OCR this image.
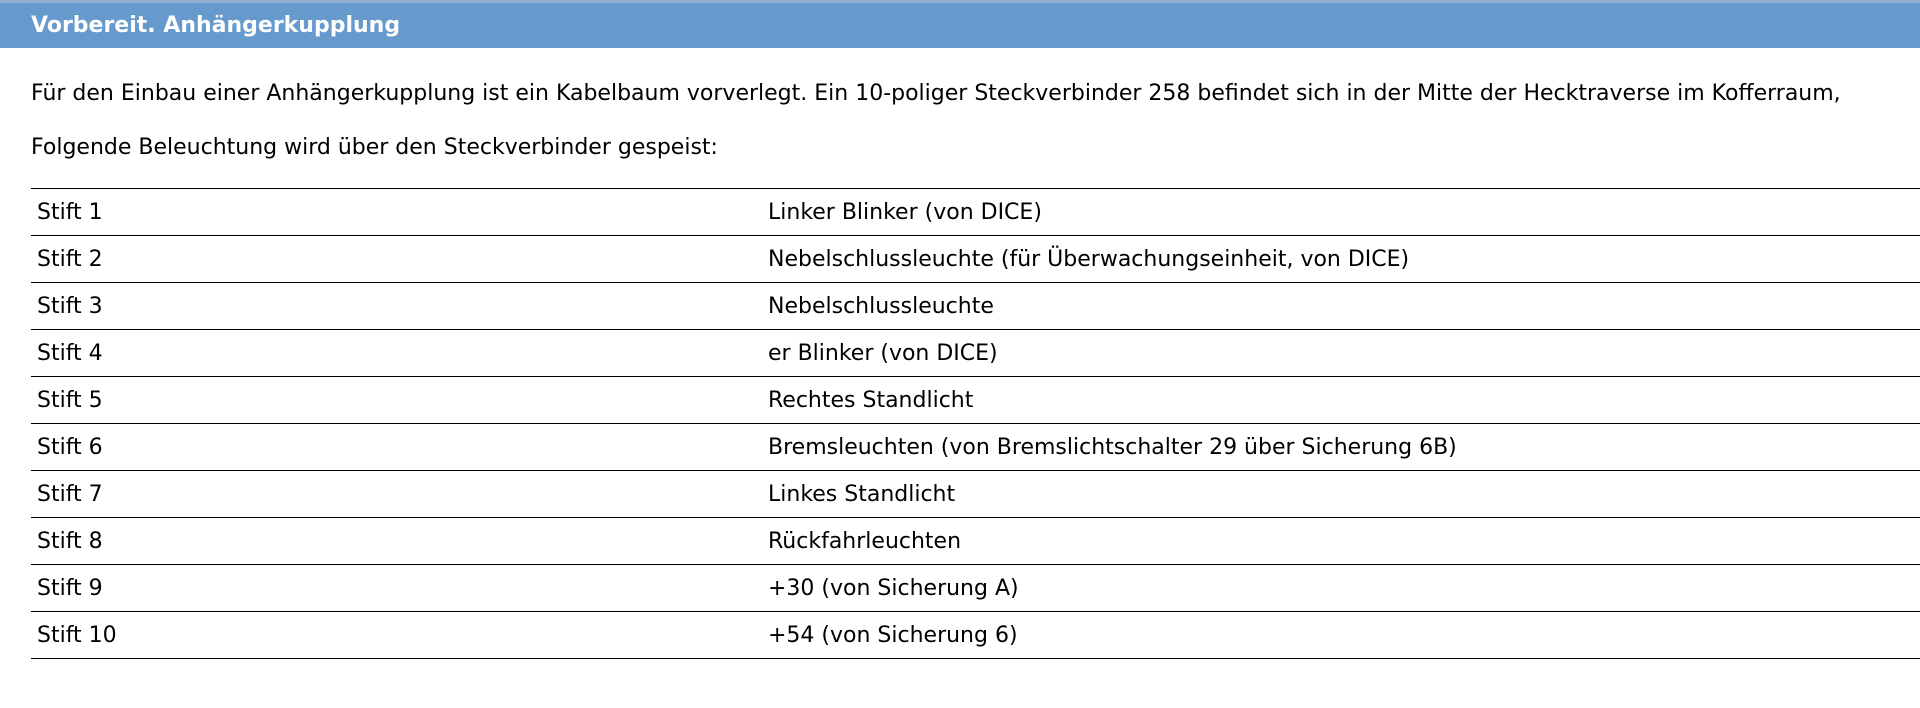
Vorbereit. Anhängerkupplung
Für den Einbau einer Anhängerkupplung ist ein Kabelbaum vorverlegt. Ein 10-poliger Steckverbinder 258 befindet sich in der Mitte der Hecktraverse im Kofferraum,
Folgende Beleuchtung wird über den Steckverbinder gespeist:
Stift 1	Linker Blinker (von DICE)
Stift 2	Nebelschlussleuchte (für Überwachungseinheit, von DICE)
Stift 3	Nebelschlussleuchte
Stift 4	er Blinker (von DICE)
Stift 5	Rechtes Standlicht
Stift 6	Bremsleuchten (von Bremslichtschalter 29 über Sicherung 6B)
Stift 7	Linkes Standlicht
Stift 8	Rückfahrleuchten
Stift 9	+30 (von Sicherung A)
Stift 10	+54 (von Sicherung 6)
